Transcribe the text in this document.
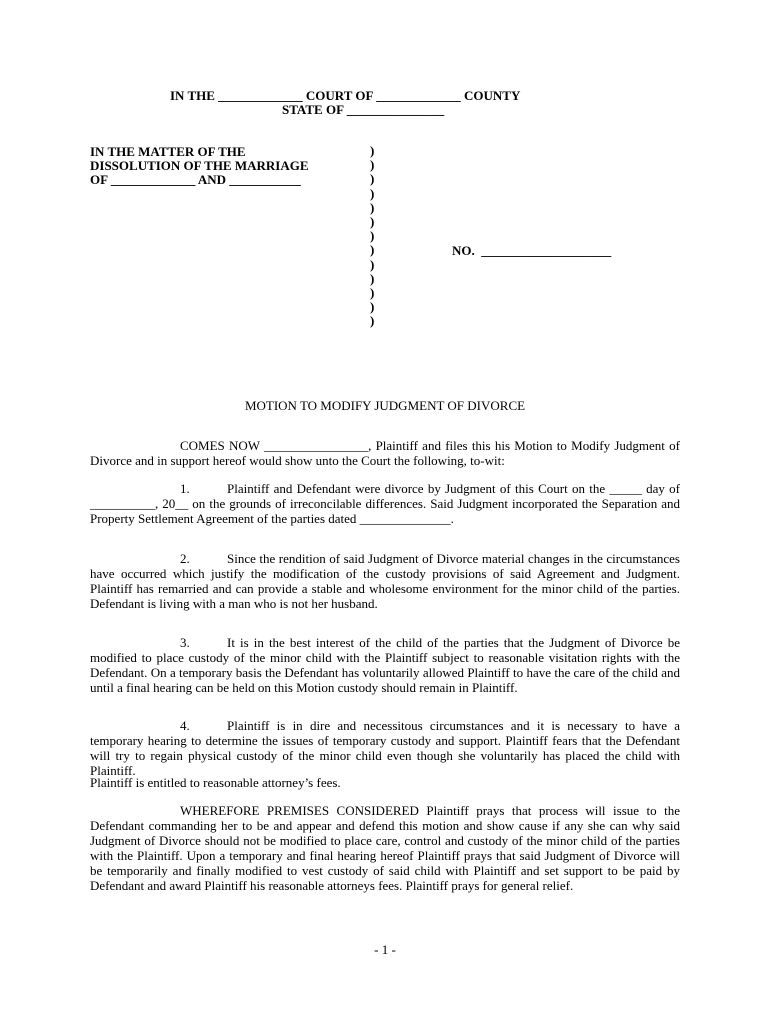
IN THE _____________ COURT OF _____________ COUNTY
STATE OF _______________
IN THE MATTER OF THE
DISSOLUTION OF THE MARRIAGE
OF _____________ AND ___________
)
)
)
)
)
)
)
)
)
)
)
)
)
NO.  ____________________
MOTION TO MODIFY JUDGMENT OF DIVORCE
COMES NOW ________________, Plaintiff and files this his Motion to Modify Judgment of Divorce and in support hereof would show unto the Court the following, to-wit:
1.	Plaintiff and Defendant were divorce by Judgment of this Court on the _____ day of __________, 20__ on the grounds of irreconcilable differences. Said Judgment incorporated the Separation and Property Settlement Agreement of the parties dated ______________.
2.	Since the rendition of said Judgment of Divorce material changes in the circumstances have occurred which justify the modification of the custody provisions of said Agreement and Judgment. Plaintiff has remarried and can provide a stable and wholesome environment for the minor child of the parties. Defendant is living with a man who is not her husband.
3.	It is in the best interest of the child of the parties that the Judgment of Divorce be modified to place custody of the minor child with the Plaintiff subject to reasonable visitation rights with the Defendant. On a temporary basis the Defendant has voluntarily allowed Plaintiff to have the care of the child and until a final hearing can be held on this Motion custody should remain in Plaintiff.
4.	Plaintiff is in dire and necessitous circumstances and it is necessary to have a temporary hearing to determine the issues of temporary custody and support. Plaintiff fears that the Defendant will try to regain physical custody of the minor child even though she voluntarily has placed the child with Plaintiff.
Plaintiff is entitled to reasonable attorney’s fees.
WHEREFORE PREMISES CONSIDERED Plaintiff prays that process will issue to the Defendant commanding her to be and appear and defend this motion and show cause if any she can why said Judgment of Divorce should not be modified to place care, control and custody of the minor child of the parties with the Plaintiff. Upon a temporary and final hearing hereof Plaintiff prays that said Judgment of Divorce will be temporarily and finally modified to vest custody of said child with Plaintiff and set support to be paid by Defendant and award Plaintiff his reasonable attorneys fees. Plaintiff prays for general relief.
- 1 -
